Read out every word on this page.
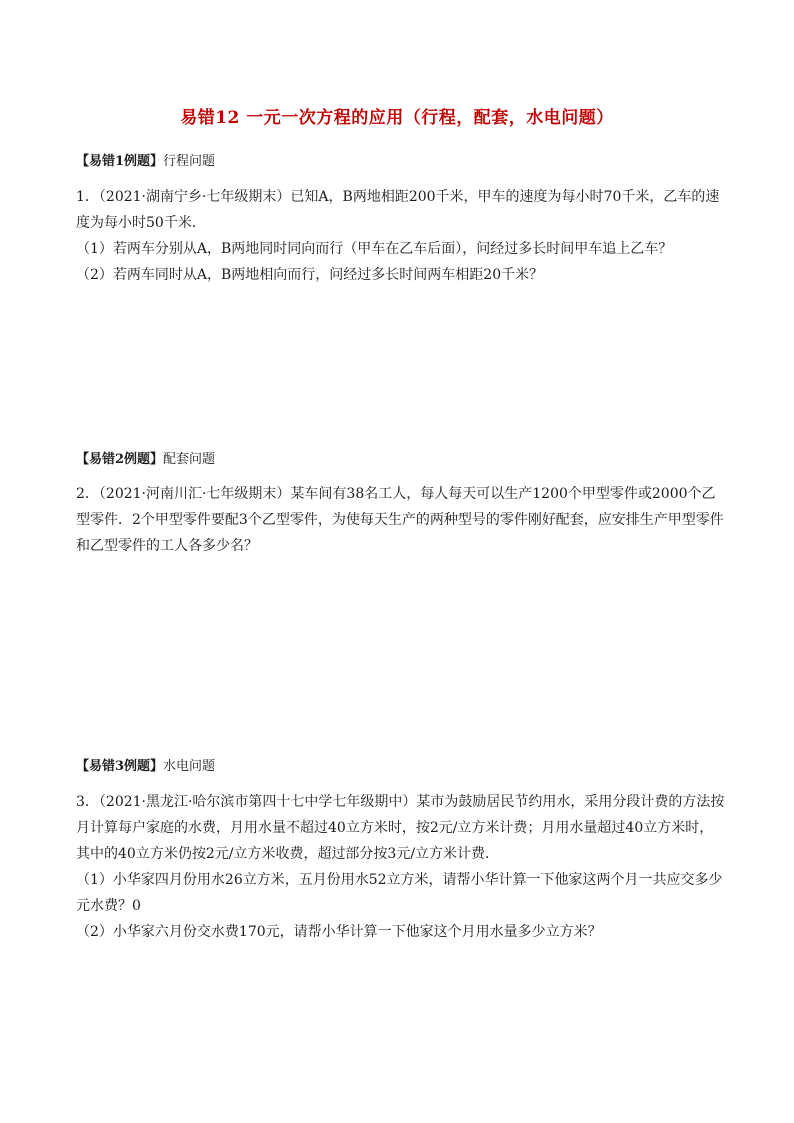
易错12 一元一次方程的应用（行程，配套，水电问题）
【易错1例题】行程问题

1．（2021·湖南宁乡·七年级期末）已知A，B两地相距200千米，甲车的速度为每小时70千米，乙车的速度为每小时50千米．

（1）若两车分别从A，B两地同时同向而行（甲车在乙车后面），问经过多长时间甲车追上乙车？

（2）若两车同时从A，B两地相向而行，问经过多长时间两车相距20千米？

【易错2例题】配套问题

2．（2021·河南川汇·七年级期末）某车间有38名工人，每人每天可以生产1200个甲型零件或2000个乙型零件．2个甲型零件要配3个乙型零件，为使每天生产的两种型号的零件刚好配套，应安排生产甲型零件和乙型零件的工人各多少名？

【易错3例题】水电问题

3．（2021·黑龙江·哈尔滨市第四十七中学七年级期中）某市为鼓励居民节约用水，采用分段计费的方法按月计算每户家庭的水费，月用水量不超过40立方米时，按2元/立方米计费；月用水量超过40立方米时，其中的40立方米仍按2元/立方米收费，超过部分按3元/立方米计费．

（1）小华家四月份用水26立方米，五月份用水52立方米，请帮小华计算一下他家这两个月一共应交多少元水费？0

（2）小华家六月份交水费170元，请帮小华计算一下他家这个月用水量多少立方米？
